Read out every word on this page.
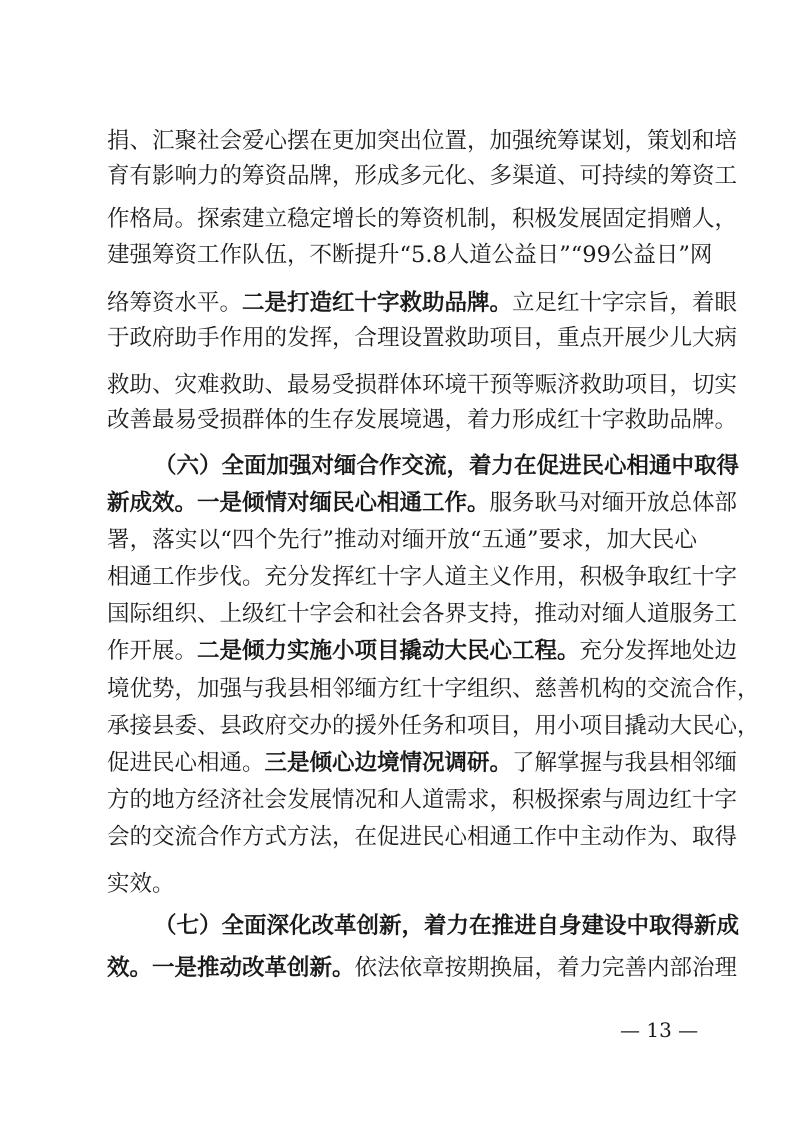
捐、汇聚社会爱心摆在更加突出位置，加强统筹谋划，策划和培
育有影响力的筹资品牌，形成多元化、多渠道、可持续的筹资工
作格局。探索建立稳定增长的筹资机制，积极发展固定捐赠人，
建强筹资工作队伍，不断提升“5.8人道公益日”“99公益日”网
络筹资水平。二是打造红十字救助品牌。立足红十字宗旨，着眼
于政府助手作用的发挥，合理设置救助项目，重点开展少儿大病
救助、灾难救助、最易受损群体环境干预等赈济救助项目，切实
改善最易受损群体的生存发展境遇，着力形成红十字救助品牌。
（六）全面加强对缅合作交流，着力在促进民心相通中取得
新成效。一是倾情对缅民心相通工作。服务耿马对缅开放总体部
署，落实以“四个先行”推动对缅开放“五通”要求，加大民心
相通工作步伐。充分发挥红十字人道主义作用，积极争取红十字
国际组织、上级红十字会和社会各界支持，推动对缅人道服务工
作开展。二是倾力实施小项目撬动大民心工程。充分发挥地处边
境优势，加强与我县相邻缅方红十字组织、慈善机构的交流合作，
承接县委、县政府交办的援外任务和项目，用小项目撬动大民心，
促进民心相通。三是倾心边境情况调研。了解掌握与我县相邻缅
方的地方经济社会发展情况和人道需求，积极探索与周边红十字
会的交流合作方式方法，在促进民心相通工作中主动作为、取得
实效。
（七）全面深化改革创新，着力在推进自身建设中取得新成
效。一是推动改革创新。依法依章按期换届，着力完善内部治理
— 13 —
